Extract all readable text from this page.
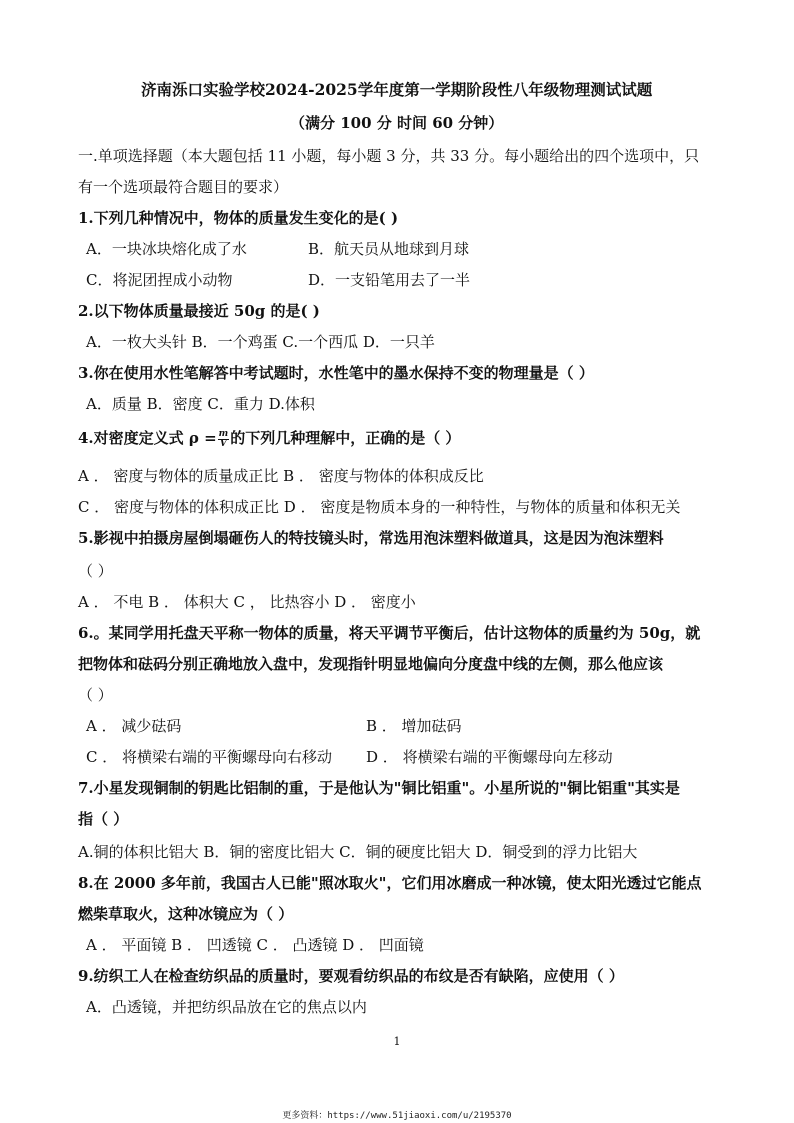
济南泺口实验学校2024-2025学年度第一学期阶段性八年级物理测试试题
（满分 100 分 时间 60 分钟）
一.单项选择题（本大题包括 11 小题，每小题 3 分，共 33 分。每小题给出的四个选项中，只
有一个选项最符合题目的要求）
1.下列几种情况中，物体的质量发生变化的是( )
A．一块冰块熔化成了水	B．航天员从地球到月球
C．将泥团捏成小动物	D．一支铅笔用去了一半
2.以下物体质量最接近 50g 的是( )
A．一枚大头针 B．一个鸡蛋 C.一个西瓜 D．一只羊
3.你在使用水性笔解答中考试题时，水性笔中的墨水保持不变的物理量是（ ）
A．质量 B．密度 C．重力 D.体积
4.对密度定义式 $\rho = \frac{m}{V}$ 的下列几种理解中，正确的是（ ）
A ． 密度与物体的质量成正比 B ． 密度与物体的体积成反比
C ． 密度与物体的体积成正比 D ． 密度是物质本身的一种特性，与物体的质量和体积无关
5.影视中拍摄房屋倒塌砸伤人的特技镜头时，常选用泡沫塑料做道具，这是因为泡沫塑料
（ ）
A ． 不电 B ． 体积大 C ， 比热容小 D ． 密度小
6.。某同学用托盘天平称一物体的质量，将天平调节平衡后，估计这物体的质量约为 50g，就
把物体和砝码分别正确地放入盘中，发现指针明显地偏向分度盘中线的左侧，那么他应该
（ ）
A ． 减少砝码	B ． 增加砝码
C ． 将横梁右端的平衡螺母向右移动 D ． 将横梁右端的平衡螺母向左移动
7.小星发现铜制的钥匙比铝制的重，于是他认为"铜比铝重"。小星所说的"铜比铝重"其实是
指（ ）
A.铜的体积比铝大 B．铜的密度比铝大 C．铜的硬度比铝大 D．铜受到的浮力比铝大
8.在 2000 多年前，我国古人已能"照冰取火"，它们用冰磨成一种冰镜，使太阳光透过它能点
燃柴草取火，这种冰镜应为（ ）
A ． 平面镜 B ． 凹透镜 C ． 凸透镜 D ． 凹面镜
9.纺织工人在检查纺织品的质量时，要观看纺织品的布纹是否有缺陷，应使用（ ）
A．凸透镜，并把纺织品放在它的焦点以内
1
更多资料：https://www.51jiaoxi.com/u/2195370
